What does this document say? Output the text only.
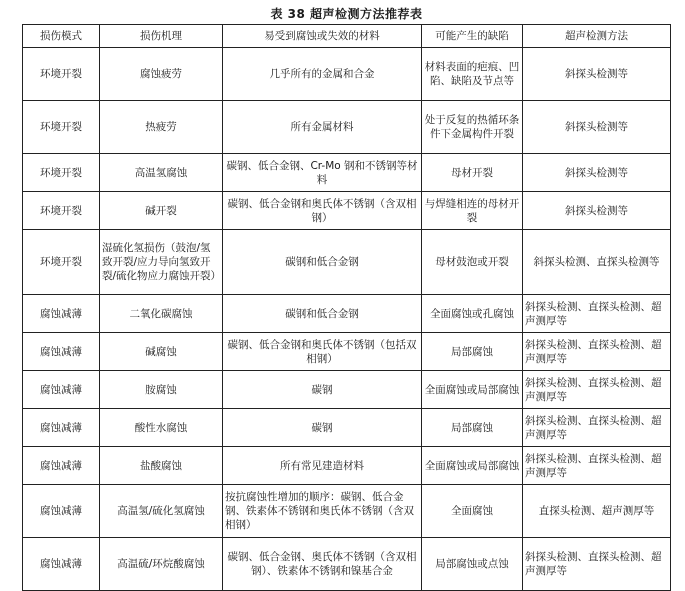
表 38 超声检测方法推荐表
损伤模式	损伤机理	易受到腐蚀或失效的材料	可能产生的缺陷	超声检测方法
环境开裂	腐蚀疲劳	几乎所有的金属和合金	材料表面的疤痕、凹陷、缺陷及节点等	斜探头检测等
环境开裂	热疲劳	所有金属材料	处于反复的热循环条件下金属构件开裂	斜探头检测等
环境开裂	高温氢腐蚀	碳钢、低合金钢、Cr-Mo 钢和不锈钢等材料	母材开裂	斜探头检测等
环境开裂	碱开裂	碳钢、低合金钢和奥氏体不锈钢（含双相钢）	与焊缝相连的母材开裂	斜探头检测等
环境开裂	湿硫化氢损伤（鼓泡/氢致开裂/应力导向氢致开裂/硫化物应力腐蚀开裂）	碳钢和低合金钢	母材鼓泡或开裂	斜探头检测、直探头检测等
腐蚀减薄	二氧化碳腐蚀	碳钢和低合金钢	全面腐蚀或孔腐蚀	斜探头检测、直探头检测、超声测厚等
腐蚀减薄	碱腐蚀	碳钢、低合金钢和奥氏体不锈钢（包括双相钢）	局部腐蚀	斜探头检测、直探头检测、超声测厚等
腐蚀减薄	胺腐蚀	碳钢	全面腐蚀或局部腐蚀	斜探头检测、直探头检测、超声测厚等
腐蚀减薄	酸性水腐蚀	碳钢	局部腐蚀	斜探头检测、直探头检测、超声测厚等
腐蚀减薄	盐酸腐蚀	所有常见建造材料	全面腐蚀或局部腐蚀	斜探头检测、直探头检测、超声测厚等
腐蚀减薄	高温氢/硫化氢腐蚀	按抗腐蚀性增加的顺序：碳钢、低合金钢、铁素体不锈钢和奥氏体不锈钢（含双相钢）	全面腐蚀	直探头检测、超声测厚等
腐蚀减薄	高温硫/环烷酸腐蚀	碳钢、低合金钢、奥氏体不锈钢（含双相钢）、铁素体不锈钢和镍基合金	局部腐蚀或点蚀	斜探头检测、直探头检测、超声测厚等
